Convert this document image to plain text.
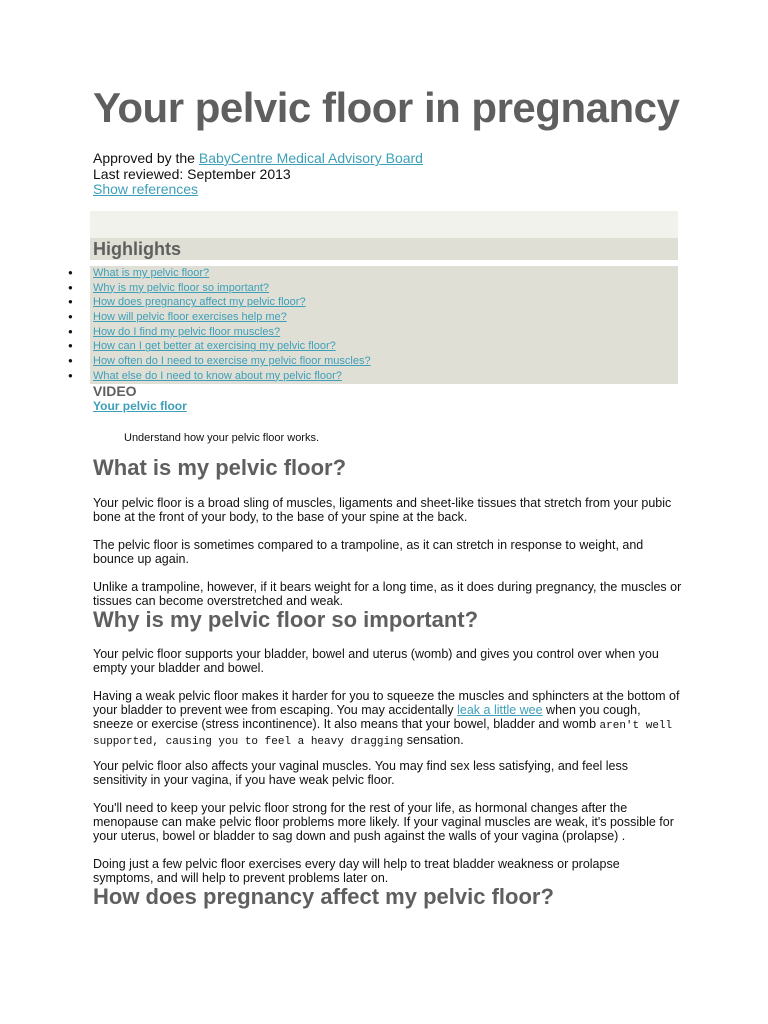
Your pelvic floor in pregnancy
Approved by the BabyCentre Medical Advisory Board
Last reviewed: September 2013
Show references
Highlights
● What is my pelvic floor?
● Why is my pelvic floor so important?
● How does pregnancy affect my pelvic floor?
● How will pelvic floor exercises help me?
● How do I find my pelvic floor muscles?
● How can I get better at exercising my pelvic floor?
● How often do I need to exercise my pelvic floor muscles?
● What else do I need to know about my pelvic floor?
VIDEO
Your pelvic floor
Understand how your pelvic floor works.
What is my pelvic floor?

Your pelvic floor is a broad sling of muscles, ligaments and sheet-like tissues that stretch from your pubic bone at the front of your body, to the base of your spine at the back.

The pelvic floor is sometimes compared to a trampoline, as it can stretch in response to weight, and bounce up again.

Unlike a trampoline, however, if it bears weight for a long time, as it does during pregnancy, the muscles or tissues can become overstretched and weak.

Why is my pelvic floor so important?

Your pelvic floor supports your bladder, bowel and uterus (womb) and gives you control over when you empty your bladder and bowel.

Having a weak pelvic floor makes it harder for you to squeeze the muscles and sphincters at the bottom of your bladder to prevent wee from escaping. You may accidentally leak a little wee when you cough, sneeze or exercise (stress incontinence). It also means that your bowel, bladder and womb aren't well supported, causing you to feel a heavy dragging sensation.

Your pelvic floor also affects your vaginal muscles. You may find sex less satisfying, and feel less sensitivity in your vagina, if you have weak pelvic floor.

You'll need to keep your pelvic floor strong for the rest of your life, as hormonal changes after the menopause can make pelvic floor problems more likely. If your vaginal muscles are weak, it's possible for your uterus, bowel or bladder to sag down and push against the walls of your vagina (prolapse) .

Doing just a few pelvic floor exercises every day will help to treat bladder weakness or prolapse symptoms, and will help to prevent problems later on.

How does pregnancy affect my pelvic floor?
